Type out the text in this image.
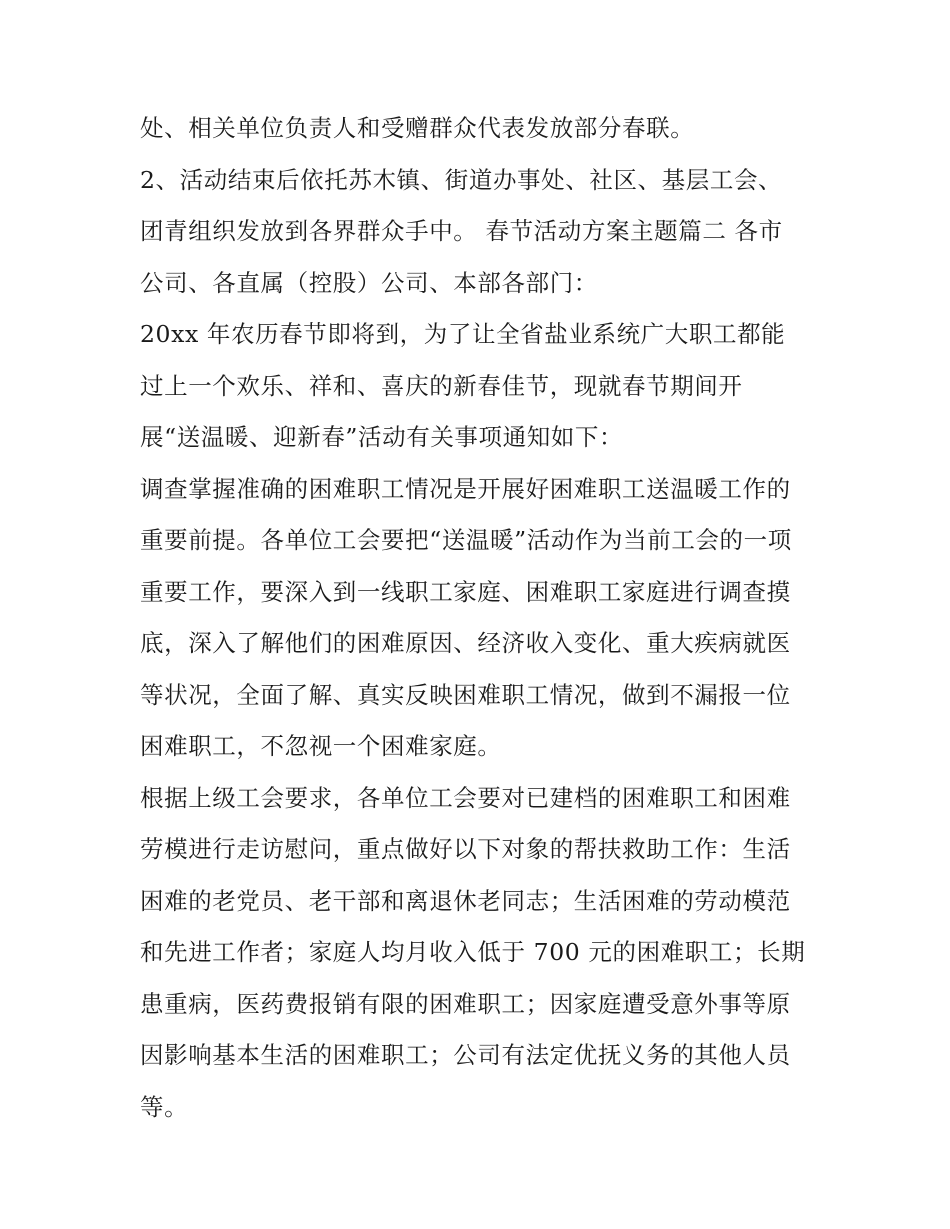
处、相关单位负责人和受赠群众代表发放部分春联。
2、活动结束后依托苏木镇、街道办事处、社区、基层工会、
团青组织发放到各界群众手中。 春节活动方案主题篇二 各市
公司、各直属（控股）公司、本部各部门：
20xx 年农历春节即将到，为了让全省盐业系统广大职工都能
过上一个欢乐、祥和、喜庆的新春佳节，现就春节期间开
展“送温暖、迎新春”活动有关事项通知如下：
调查掌握准确的困难职工情况是开展好困难职工送温暖工作的
重要前提。各单位工会要把“送温暖”活动作为当前工会的一项
重要工作，要深入到一线职工家庭、困难职工家庭进行调查摸
底，深入了解他们的困难原因、经济收入变化、重大疾病就医
等状况，全面了解、真实反映困难职工情况，做到不漏报一位
困难职工，不忽视一个困难家庭。
根据上级工会要求，各单位工会要对已建档的困难职工和困难
劳模进行走访慰问，重点做好以下对象的帮扶救助工作：生活
困难的老党员、老干部和离退休老同志；生活困难的劳动模范
和先进工作者；家庭人均月收入低于 700 元的困难职工；长期
患重病，医药费报销有限的困难职工；因家庭遭受意外事等原
因影响基本生活的困难职工；公司有法定优抚义务的其他人员
等。
